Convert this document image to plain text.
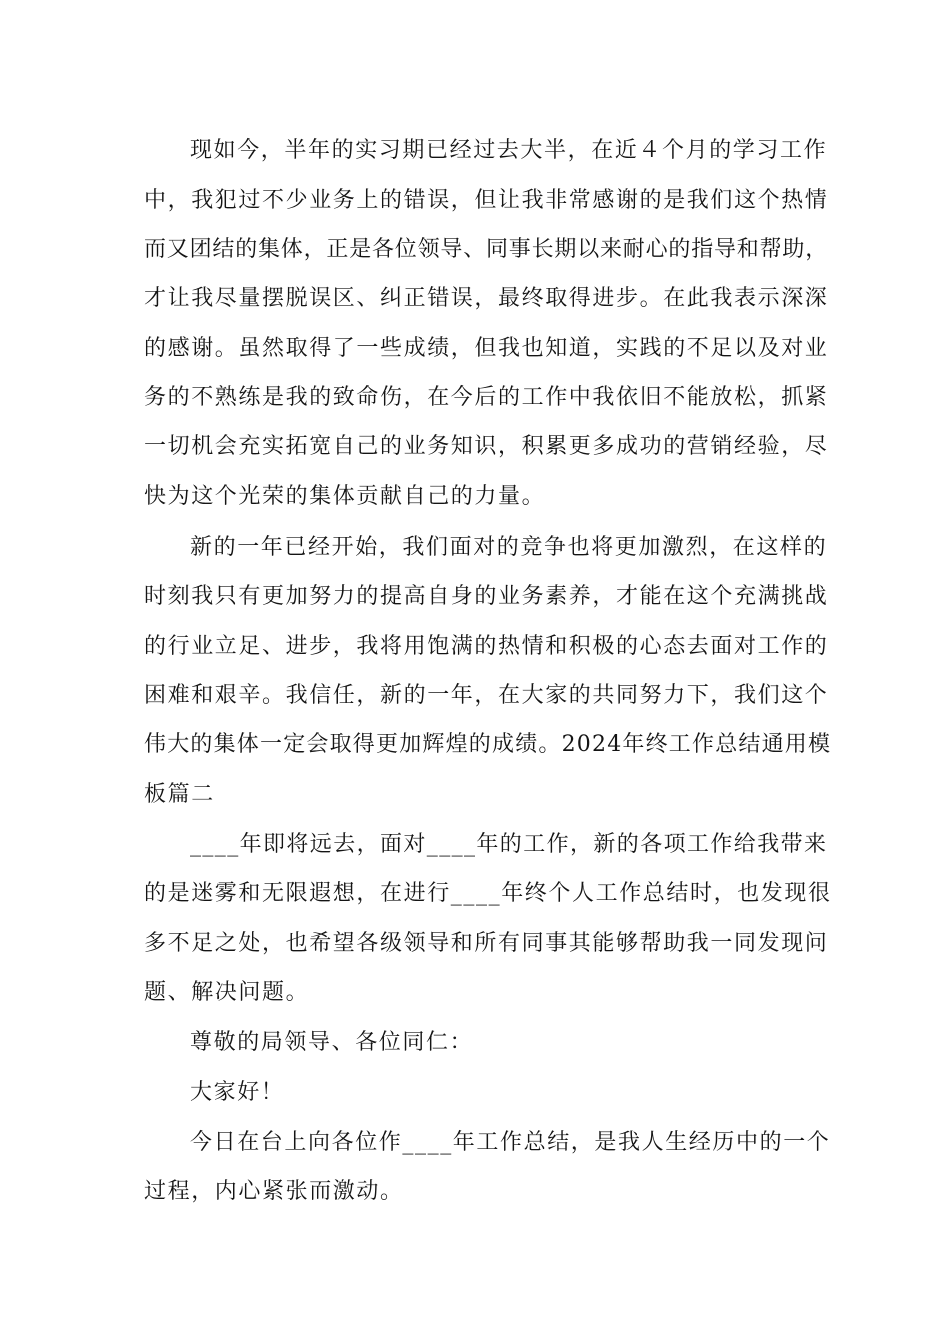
现如今，半年的实习期已经过去大半，在近４个月的学习工作
中，我犯过不少业务上的错误，但让我非常感谢的是我们这个热情
而又团结的集体，正是各位领导、同事长期以来耐心的指导和帮助，
才让我尽量摆脱误区、纠正错误，最终取得进步。在此我表示深深
的感谢。虽然取得了一些成绩，但我也知道，实践的不足以及对业
务的不熟练是我的致命伤，在今后的工作中我依旧不能放松，抓紧
一切机会充实拓宽自己的业务知识，积累更多成功的营销经验，尽
快为这个光荣的集体贡献自己的力量。
新的一年已经开始，我们面对的竞争也将更加激烈，在这样的
时刻我只有更加努力的提高自身的业务素养，才能在这个充满挑战
的行业立足、进步，我将用饱满的热情和积极的心态去面对工作的
困难和艰辛。我信任，新的一年，在大家的共同努力下，我们这个
伟大的集体一定会取得更加辉煌的成绩。2024年终工作总结通用模
板篇二
____年即将远去，面对____年的工作，新的各项工作给我带来
的是迷雾和无限遐想，在进行____年终个人工作总结时，也发现很
多不足之处，也希望各级领导和所有同事其能够帮助我一同发现问
题、解决问题。
尊敬的局领导、各位同仁：
大家好！
今日在台上向各位作____年工作总结，是我人生经历中的一个
过程，内心紧张而激动。
